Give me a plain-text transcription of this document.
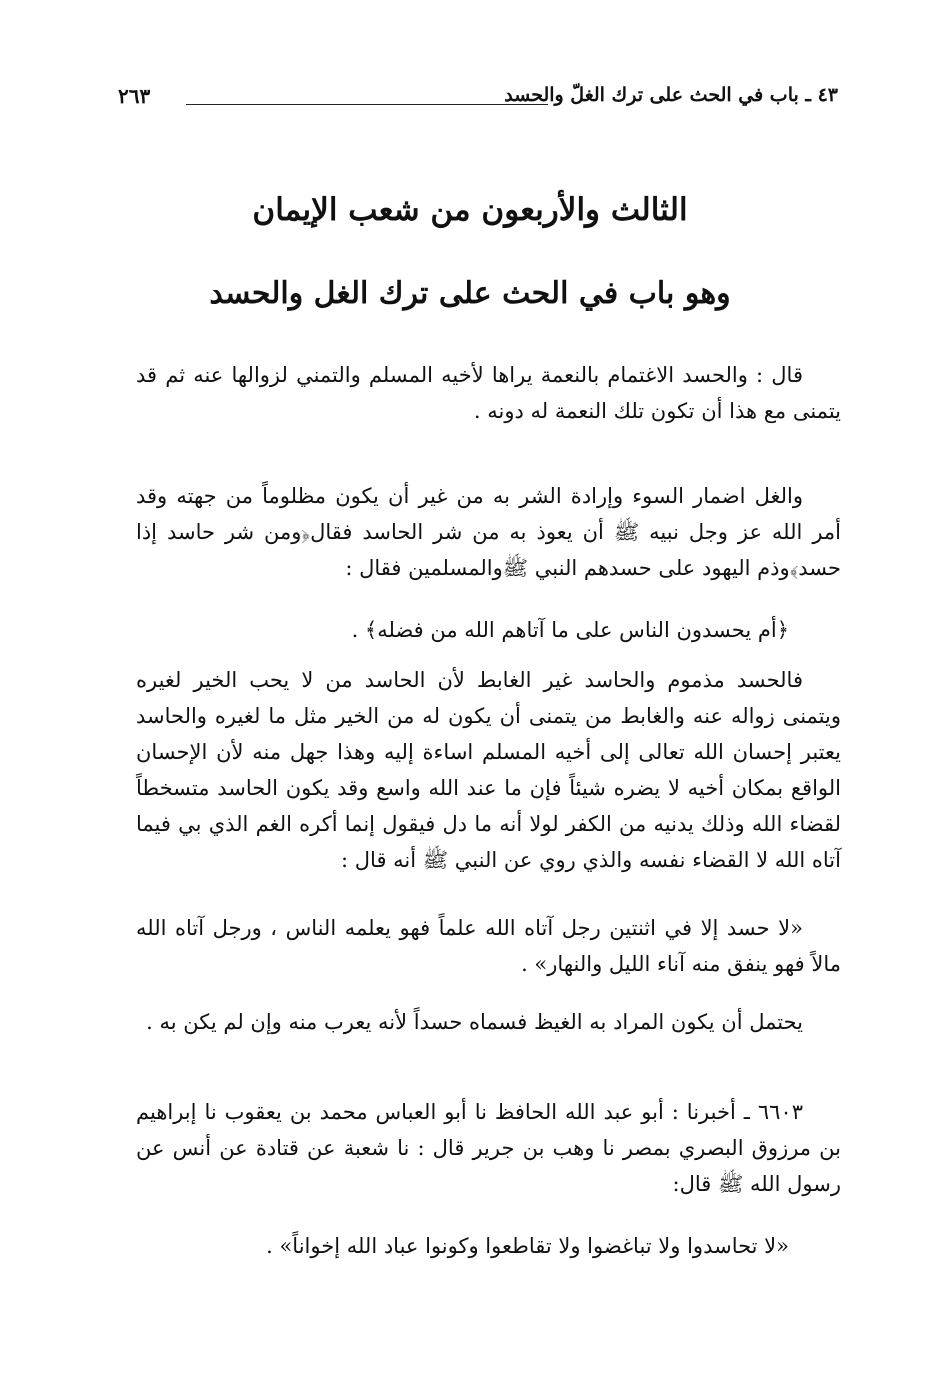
٤٣ ـ باب في الحث على ترك الغلّ والحسد
٢٦٣
الثالث والأربعون من شعب الإيمان
وهو باب في الحث على ترك الغل والحسد

قال : والحسد الاغتمام بالنعمة يراها لأخيه المسلم والتمني لزوالها عنه ثم قد يتمنى مع هذا أن تكون تلك النعمة له دونه .

والغل اضمار السوء وإرادة الشر به من غير أن يكون مظلوماً من جهته وقد أمر الله عز وجل نبيه ﷺ أن يعوذ به من شر الحاسد فقال﴿ومن شر حاسد إذا حسد﴾وذم اليهود على حسدهم النبي ﷺوالمسلمين فقال :

﴿أم يحسدون الناس على ما آتاهم الله من فضله﴾ .

فالحسد مذموم والحاسد غير الغابط لأن الحاسد من لا يحب الخير لغيره ويتمنى زواله عنه والغابط من يتمنى أن يكون له من الخير مثل ما لغيره والحاسد يعتبر إحسان الله تعالى إلى أخيه المسلم اساءة إليه وهذا جهل منه لأن الإحسان الواقع بمكان أخيه لا يضره شيئاً فإن ما عند الله واسع وقد يكون الحاسد متسخطاً لقضاء الله وذلك يدنيه من الكفر لولا أنه ما دل فيقول إنما أكره الغم الذي بي فيما آتاه الله لا القضاء نفسه والذي روي عن النبي ﷺ أنه قال :

«لا حسد إلا في اثنتين رجل آتاه الله علماً فهو يعلمه الناس ، ورجل آتاه الله مالاً فهو ينفق منه آناء الليل والنهار» .

يحتمل أن يكون المراد به الغيظ فسماه حسداً لأنه يعرب منه وإن لم يكن به .

٦٦٠٣ ـ أخبرنا : أبو عبد الله الحافظ نا أبو العباس محمد بن يعقوب نا إبراهيم بن مرزوق البصري بمصر نا وهب بن جرير قال : نا شعبة عن قتادة عن أنس عن رسول الله ﷺ قال:

«لا تحاسدوا ولا تباغضوا ولا تقاطعوا وكونوا عباد الله إخواناً» .
